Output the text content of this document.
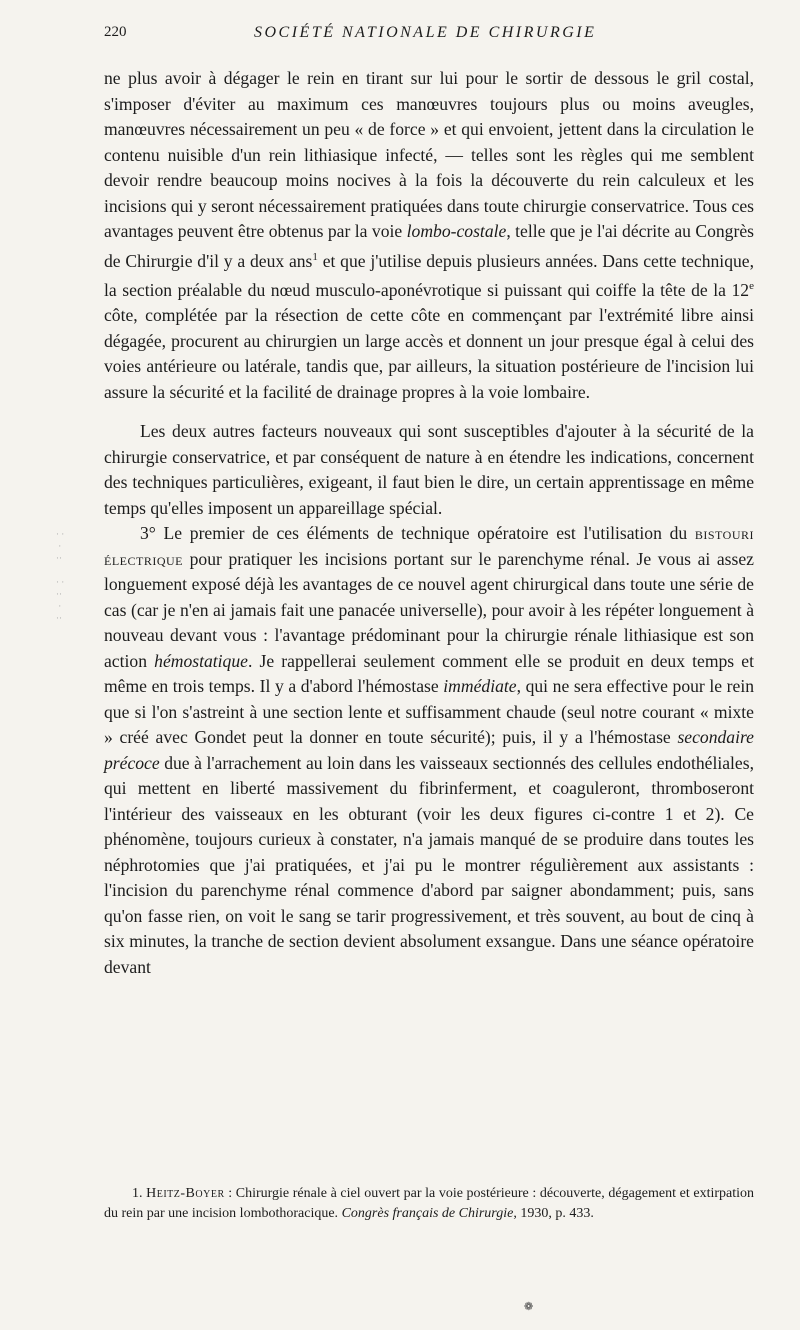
220	SOCIÉTÉ NATIONALE DE CHIRURGIE
· ·
·
··

· ·
··
·
··

ne plus avoir à dégager le rein en tirant sur lui pour le sortir de dessous le gril costal, s'imposer d'éviter au maximum ces manœuvres toujours plus ou moins aveugles, manœuvres nécessairement un peu « de force » et qui envoient, jettent dans la circulation le contenu nuisible d'un rein lithiasique infecté, — telles sont les règles qui me semblent devoir rendre beaucoup moins nocives à la fois la découverte du rein calculeux et les incisions qui y seront nécessairement pratiquées dans toute chirurgie conservatrice. Tous ces avantages peuvent être obtenus par la voie lombo-costale, telle que je l'ai décrite au Congrès de Chirurgie d'il y a deux ans$^1$ et que j'utilise depuis plusieurs années. Dans cette technique, la section préalable du nœud musculo-aponévrotique si puissant qui coiffe la tête de la 12e côte, complétée par la résection de cette côte en commençant par l'extrémité libre ainsi dégagée, procurent au chirurgien un large accès et donnent un jour presque égal à celui des voies antérieure ou latérale, tandis que, par ailleurs, la situation postérieure de l'incision lui assure la sécurité et la facilité de drainage propres à la voie lombaire.

Les deux autres facteurs nouveaux qui sont susceptibles d'ajouter à la sécurité de la chirurgie conservatrice, et par conséquent de nature à en étendre les indications, concernent des techniques particulières, exigeant, il faut bien le dire, un certain apprentissage en même temps qu'elles imposent un appareillage spécial.

3° Le premier de ces éléments de technique opératoire est l'utilisation du bistouri électrique pour pratiquer les incisions portant sur le parenchyme rénal. Je vous ai assez longuement exposé déjà les avantages de ce nouvel agent chirurgical dans toute une série de cas (car je n'en ai jamais fait une panacée universelle), pour avoir à les répéter longuement à nouveau devant vous : l'avantage prédominant pour la chirurgie rénale lithiasique est son action hémostatique. Je rappellerai seulement comment elle se produit en deux temps et même en trois temps. Il y a d'abord l'hémostase immédiate, qui ne sera effective pour le rein que si l'on s'astreint à une section lente et suffisamment chaude (seul notre courant « mixte » créé avec Gondet peut la donner en toute sécurité); puis, il y a l'hémostase secondaire précoce due à l'arrachement au loin dans les vaisseaux sectionnés des cellules endothéliales, qui mettent en liberté massivement du fibrinferment, et coaguleront, thromboseront l'intérieur des vaisseaux en les obturant (voir les deux figures ci-contre 1 et 2). Ce phénomène, toujours curieux à constater, n'a jamais manqué de se produire dans toutes les néphrotomies que j'ai pratiquées, et j'ai pu le montrer régulièrement aux assistants : l'incision du parenchyme rénal commence d'abord par saigner abondamment; puis, sans qu'on fasse rien, on voit le sang se tarir progressivement, et très souvent, au bout de cinq à six minutes, la tranche de section devient absolument exsangue. Dans une séance opératoire devant

1. Heitz-Boyer : Chirurgie rénale à ciel ouvert par la voie postérieure : découverte, dégagement et extirpation du rein par une incision lombothoracique. Congrès français de Chirurgie, 1930, p. 433.

❁
